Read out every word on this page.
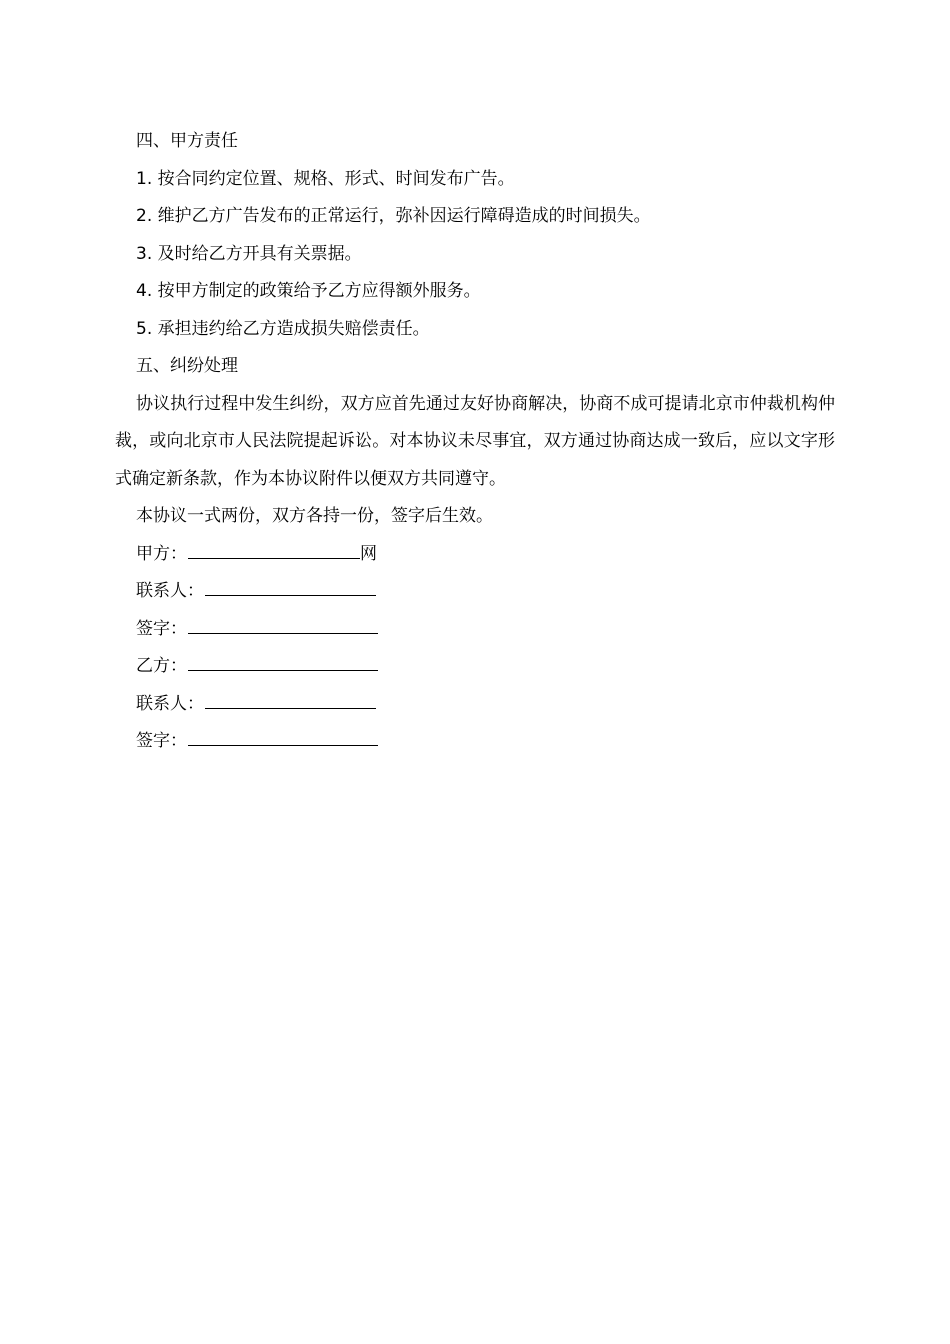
四、甲方责任
1. 按合同约定位置、规格、形式、时间发布广告。
2. 维护乙方广告发布的正常运行，弥补因运行障碍造成的时间损失。
3. 及时给乙方开具有关票据。
4. 按甲方制定的政策给予乙方应得额外服务。
5. 承担违约给乙方造成损失赔偿责任。
五、纠纷处理

协议执行过程中发生纠纷，双方应首先通过友好协商解决，协商不成可提请北京市仲裁机构仲裁，或向北京市人民法院提起诉讼。对本协议未尽事宜，双方通过协商达成一致后，应以文字形式确定新条款，作为本协议附件以便双方共同遵守。

本协议一式两份，双方各持一份，签字后生效。
甲方：	网
联系人：
签字：
乙方：
联系人：
签字：
